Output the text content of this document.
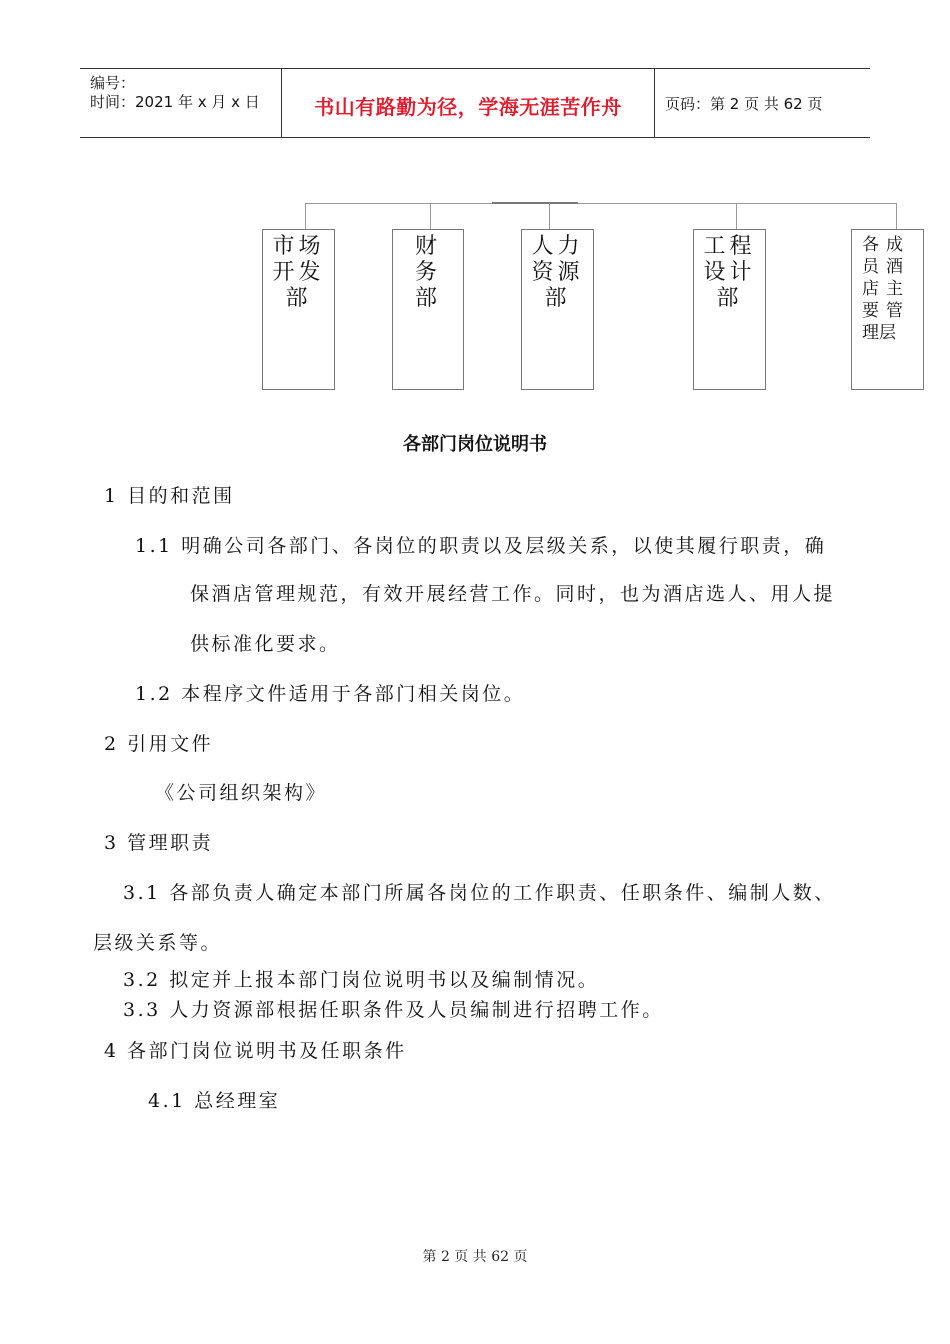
编号：
时间：2021 年 x 月 x 日	书山有路勤为径，学海无涯苦作舟	页码：第 2 页 共 62 页
市场
开发
部
财
务
部
人力
资源
部
工程
设计
部
各
员
店
要
理层
成
酒
主
管
各部门岗位说明书
1 目的和范围
1.1 明确公司各部门、各岗位的职责以及层级关系，以使其履行职责，确
保酒店管理规范，有效开展经营工作。同时，也为酒店选人、用人提
供标准化要求。
1.2 本程序文件适用于各部门相关岗位。
2 引用文件
《公司组织架构》
3 管理职责
3.1 各部负责人确定本部门所属各岗位的工作职责、任职条件、编制人数、
层级关系等。
3.2 拟定并上报本部门岗位说明书以及编制情况。
3.3 人力资源部根据任职条件及人员编制进行招聘工作。
4 各部门岗位说明书及任职条件
4.1 总经理室
第 2 页 共 62 页
